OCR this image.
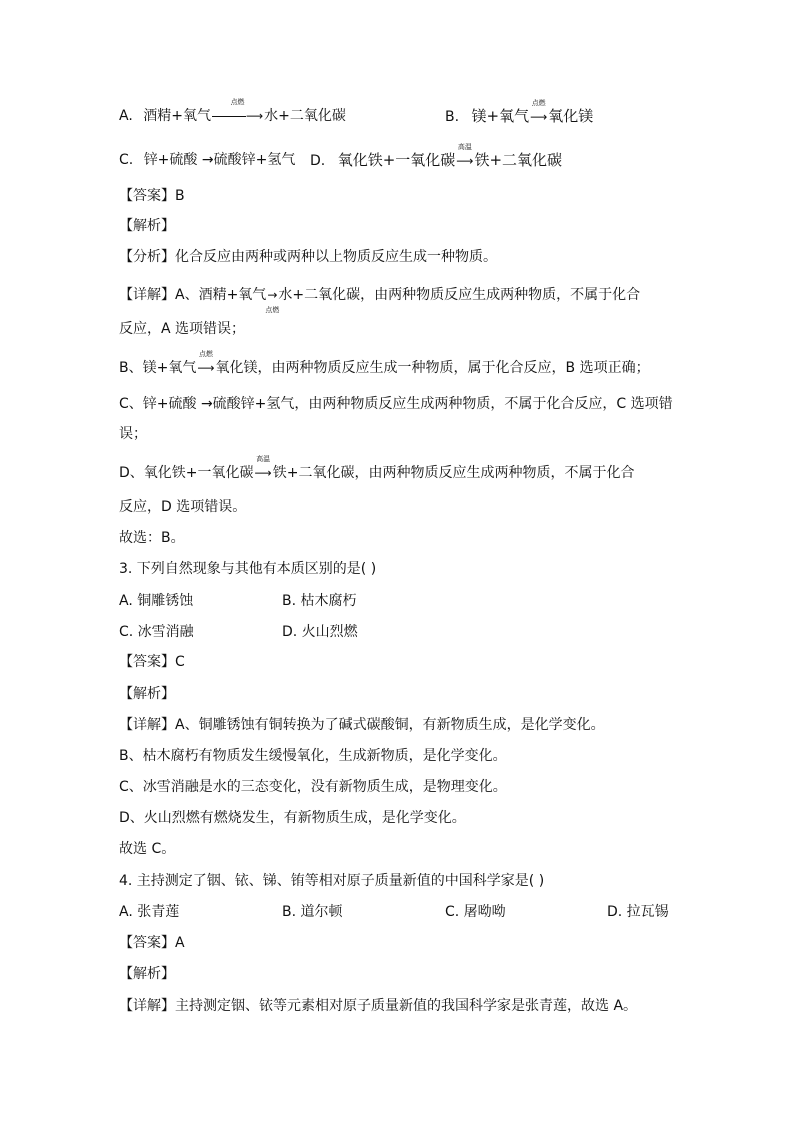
A. 酒精+氧气
点燃
⟶水+二氧化碳	B. 镁+氧气
点燃
⟶氧化镁
C. 锌+硫酸 →硫酸锌+氢气 D. 氧化铁+一氧化碳
高温
⟶铁+二氧化碳
【答案】B
【解析】
【分析】化合反应由两种或两种以上物质反应生成一种物质。
【详解】A、酒精+氧气→
点燃
水+二氧化碳，由两种物质反应生成两种物质，不属于化合
反应，A 选项错误；
B、镁+氧气
点燃
⟶氧化镁，由两种物质反应生成一种物质，属于化合反应，B 选项正确；
C、锌+硫酸 →硫酸锌+氢气，由两种物质反应生成两种物质，不属于化合反应，C 选项错
误；
D、氧化铁+一氧化碳
高温
⟶铁+二氧化碳，由两种物质反应生成两种物质，不属于化合
反应，D 选项错误。
故选：B。
3. 下列自然现象与其他有本质区别的是( )
A. 铜雕锈蚀	B. 枯木腐朽
C. 冰雪消融	D. 火山烈燃
【答案】C
【解析】
【详解】A、铜雕锈蚀有铜转换为了碱式碳酸铜，有新物质生成，是化学变化。
B、枯木腐朽有物质发生缓慢氧化，生成新物质，是化学变化。
C、冰雪消融是水的三态变化，没有新物质生成，是物理变化。
D、火山烈燃有燃烧发生，有新物质生成，是化学变化。
故选 C。
4. 主持测定了铟、铱、锑、铕等相对原子质量新值的中国科学家是( )
A. 张青莲	B. 道尔顿	C. 屠呦呦	D. 拉瓦锡
【答案】A
【解析】
【详解】主持测定铟、铱等元素相对原子质量新值的我国科学家是张青莲，故选 A。
